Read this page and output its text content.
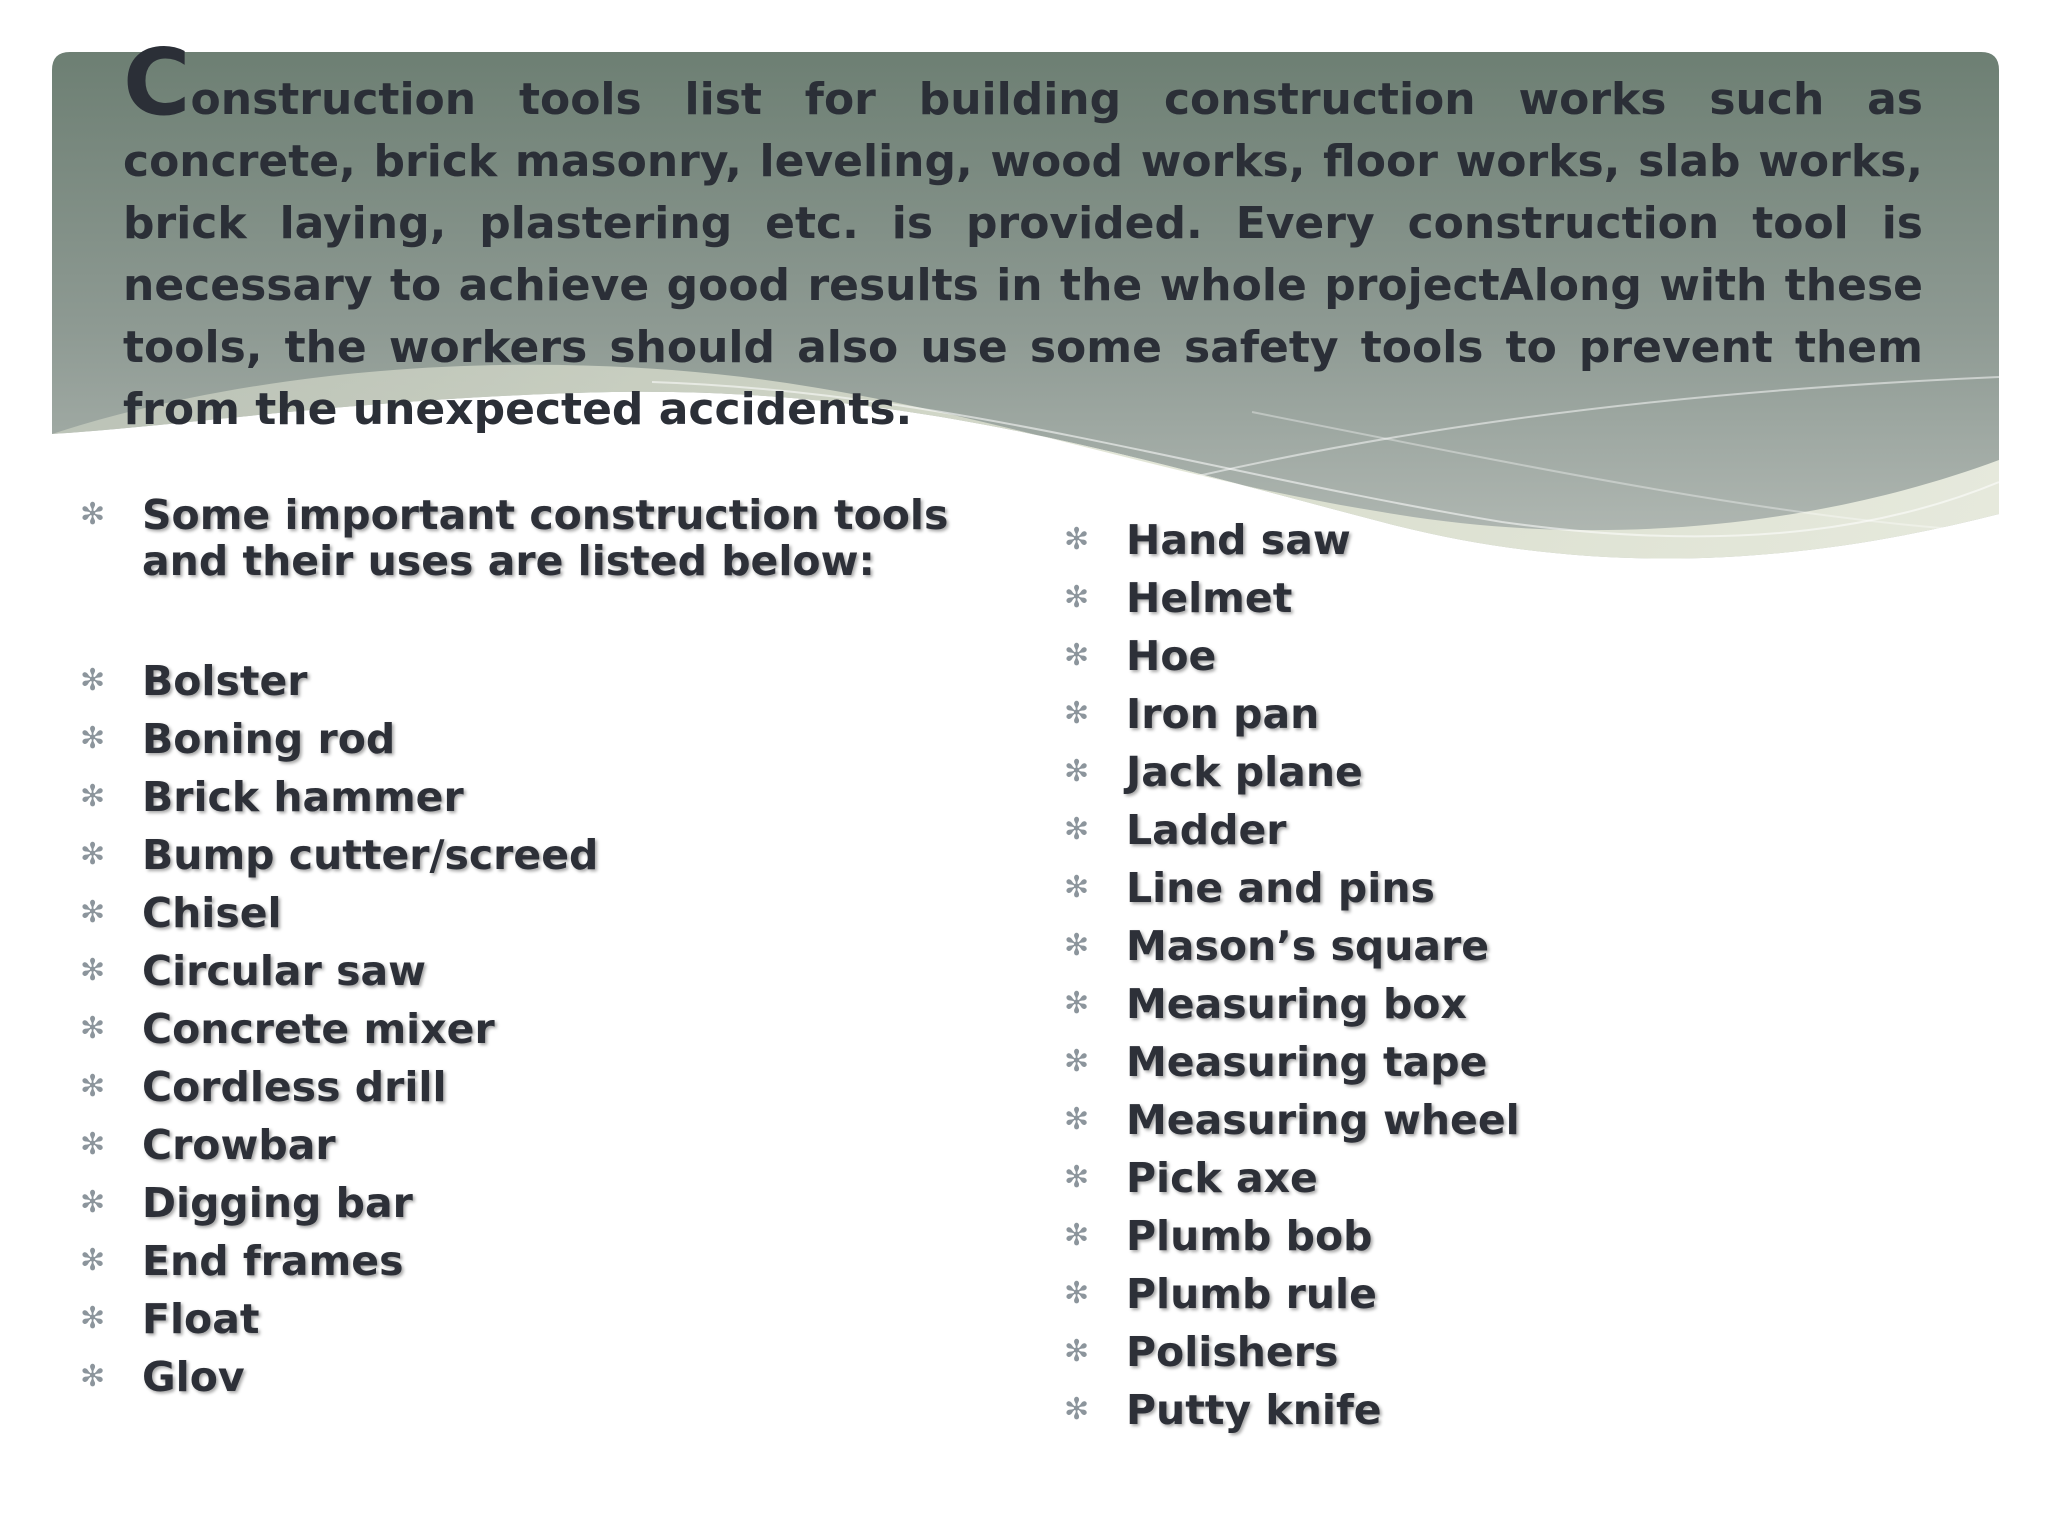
Construction tools list for building construction works such as concrete, brick masonry, leveling, wood works, floor works, slab works, brick laying, plastering etc. is provided. Every construction tool is necessary to achieve good results in the whole projectAlong with these tools, the workers should also use some safety tools to prevent them from the unexpected accidents.

✻ Some important construction tools and their uses are listed below:
✻ Bolster
✻ Boning rod
✻ Brick hammer
✻ Bump cutter/screed
✻ Chisel
✻ Circular saw
✻ Concrete mixer
✻ Cordless drill
✻ Crowbar
✻ Digging bar
✻ End frames
✻ Float
✻ Glov
✻ Hand saw
✻ Helmet
✻ Hoe
✻ Iron pan
✻ Jack plane
✻ Ladder
✻ Line and pins
✻ Mason’s square
✻ Measuring box
✻ Measuring tape
✻ Measuring wheel
✻ Pick axe
✻ Plumb bob
✻ Plumb rule
✻ Polishers
✻ Putty knife
